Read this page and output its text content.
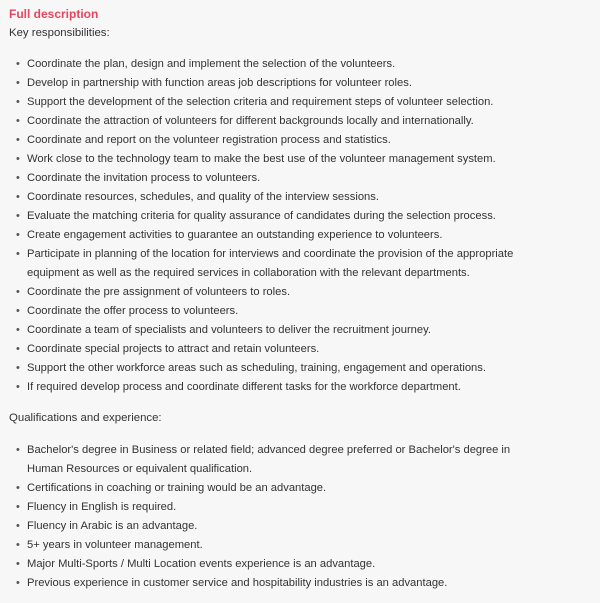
Full description
Key responsibilities:
• Coordinate the plan, design and implement the selection of the volunteers.
• Develop in partnership with function areas job descriptions for volunteer roles.
• Support the development of the selection criteria and requirement steps of volunteer selection.
• Coordinate the attraction of volunteers for different backgrounds locally and internationally.
• Coordinate and report on the volunteer registration process and statistics.
• Work close to the technology team to make the best use of the volunteer management system.
• Coordinate the invitation process to volunteers.
• Coordinate resources, schedules, and quality of the interview sessions.
• Evaluate the matching criteria for quality assurance of candidates during the selection process.
• Create engagement activities to guarantee an outstanding experience to volunteers.
• Participate in planning of the location for interviews and coordinate the provision of the appropriate equipment as well as the required services in collaboration with the relevant departments.
• Coordinate the pre assignment of volunteers to roles.
• Coordinate the offer process to volunteers.
• Coordinate a team of specialists and volunteers to deliver the recruitment journey.
• Coordinate special projects to attract and retain volunteers.
• Support the other workforce areas such as scheduling, training, engagement and operations.
• If required develop process and coordinate different tasks for the workforce department.
Qualifications and experience:
• Bachelor's degree in Business or related field; advanced degree preferred or Bachelor's degree in Human Resources or equivalent qualification.
• Certifications in coaching or training would be an advantage.
• Fluency in English is required.
• Fluency in Arabic is an advantage.
• 5+ years in volunteer management.
• Major Multi-Sports / Multi Location events experience is an advantage.
• Previous experience in customer service and hospitability industries is an advantage.
